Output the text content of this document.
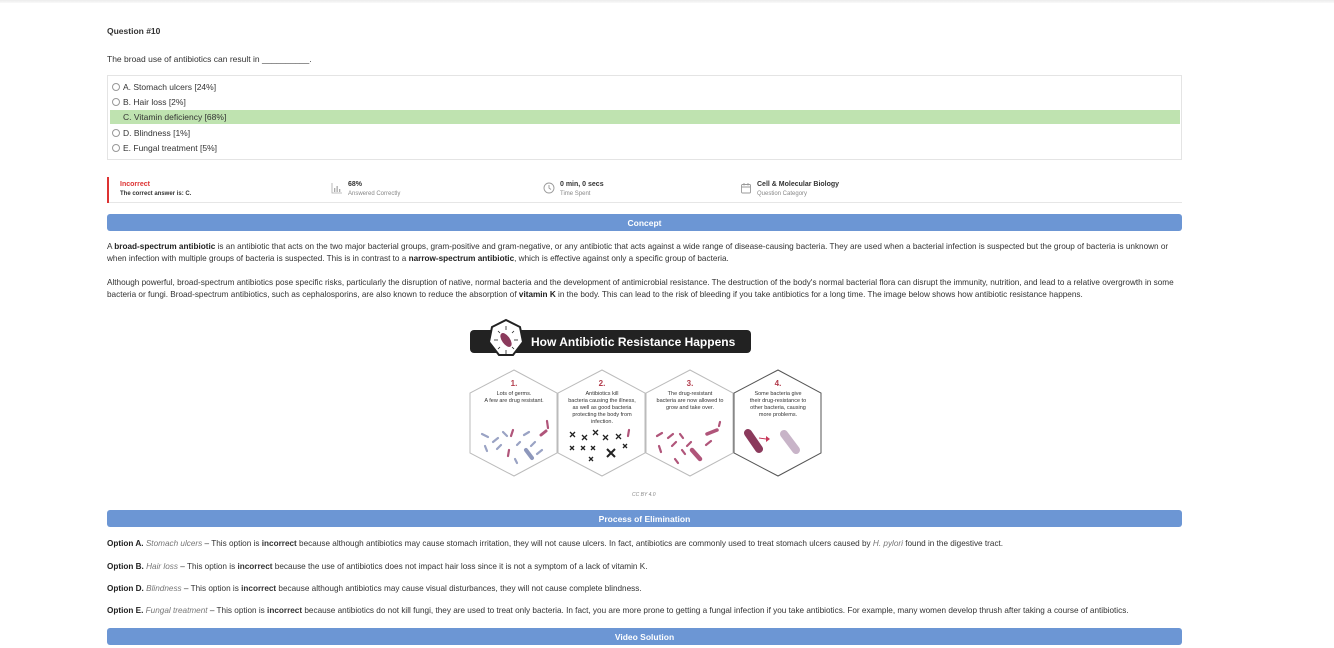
Question #10
The broad use of antibiotics can result in __________.
A. Stomach ulcers [24%]
B. Hair loss [2%]
C. Vitamin deficiency [68%]
D. Blindness [1%]
E. Fungal treatment [5%]
Incorrect
The correct answer is: C.
68%
Answered Correctly
0 min, 0 secs
Time Spent
Cell & Molecular Biology
Question Category
Concept
A broad-spectrum antibiotic is an antibiotic that acts on the two major bacterial groups, gram-positive and gram-negative, or any antibiotic that acts against a wide range of disease-causing bacteria. They are used when a bacterial infection is suspected but the group of bacteria is unknown or when infection with multiple groups of bacteria is suspected. This is in contrast to a narrow-spectrum antibiotic, which is effective against only a specific group of bacteria.
Although powerful, broad-spectrum antibiotics pose specific risks, particularly the disruption of native, normal bacteria and the development of antimicrobial resistance. The destruction of the body's normal bacterial flora can disrupt the immunity, nutrition, and lead to a relative overgrowth in some bacteria or fungi. Broad-spectrum antibiotics, such as cephalosporins, are also known to reduce the absorption of vitamin K in the body. This can lead to the risk of bleeding if you take antibiotics for a long time. The image below shows how antibiotic resistance happens.
How Antibiotic Resistance Happens
1.
Lots of germs.
A few are drug resistant.
2.
Antibiotics kill
bacteria causing the illness,
as well as good bacteria
protecting the body from
infection.
3.
The drug-resistant
bacteria are now allowed to
grow and take over.
4.
Some bacteria give
their drug-resistance to
other bacteria, causing
more problems.
CC BY 4.0
Process of Elimination
Option A. Stomach ulcers – This option is incorrect because although antibiotics may cause stomach irritation, they will not cause ulcers. In fact, antibiotics are commonly used to treat stomach ulcers caused by H. pylori found in the digestive tract.
Option B. Hair loss – This option is incorrect because the use of antibiotics does not impact hair loss since it is not a symptom of a lack of vitamin K.
Option D. Blindness – This option is incorrect because although antibiotics may cause visual disturbances, they will not cause complete blindness.
Option E. Fungal treatment – This option is incorrect because antibiotics do not kill fungi, they are used to treat only bacteria. In fact, you are more prone to getting a fungal infection if you take antibiotics. For example, many women develop thrush after taking a course of antibiotics.
Video Solution
